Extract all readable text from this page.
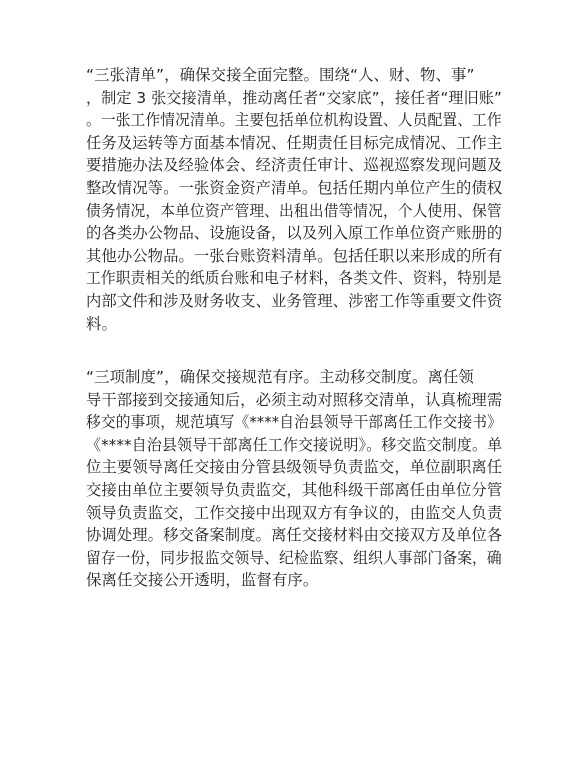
“三张清单”，确保交接全面完整。围绕“人、财、物、事”
，制定 3 张交接清单，推动离任者“交家底”，接任者“理旧账”
。一张工作情况清单。主要包括单位机构设置、人员配置、工作
任务及运转等方面基本情况、任期责任目标完成情况、工作主
要措施办法及经验体会、经济责任审计、巡视巡察发现问题及
整改情况等。一张资金资产清单。包括任期内单位产生的债权
债务情况，本单位资产管理、出租出借等情况，个人使用、保管
的各类办公物品、设施设备，以及列入原工作单位资产账册的
其他办公物品。一张台账资料清单。包括任职以来形成的所有
工作职责相关的纸质台账和电子材料，各类文件、资料，特别是
内部文件和涉及财务收支、业务管理、涉密工作等重要文件资
料。
“三项制度”，确保交接规范有序。主动移交制度。离任领
导干部接到交接通知后，必须主动对照移交清单，认真梳理需
移交的事项，规范填写《****自治县领导干部离任工作交接书》
《****自治县领导干部离任工作交接说明》。移交监交制度。单
位主要领导离任交接由分管县级领导负责监交，单位副职离任
交接由单位主要领导负责监交，其他科级干部离任由单位分管
领导负责监交，工作交接中出现双方有争议的，由监交人负责
协调处理。移交备案制度。离任交接材料由交接双方及单位各
留存一份，同步报监交领导、纪检监察、组织人事部门备案，确
保离任交接公开透明，监督有序。
